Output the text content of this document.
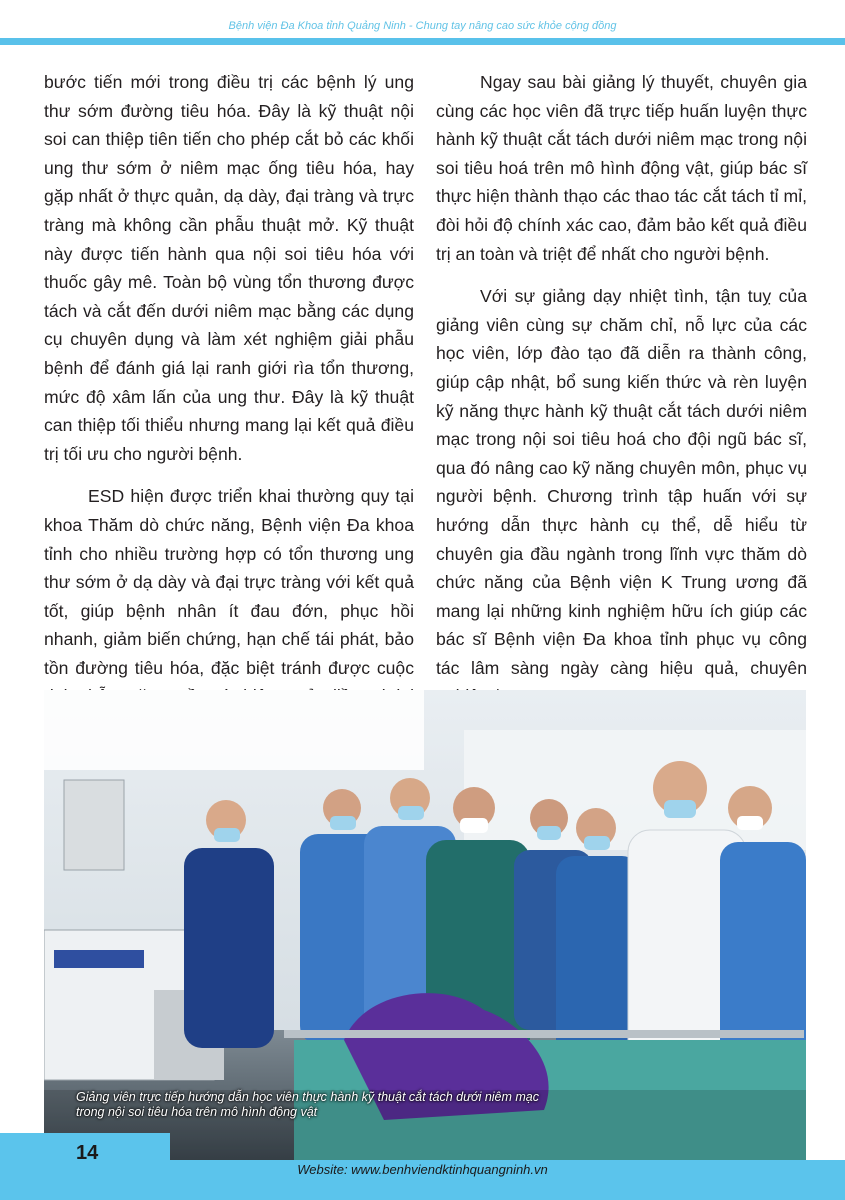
Bệnh viện Đa Khoa tỉnh Quảng Ninh - Chung tay nâng cao sức khỏe cộng đồng

bước tiến mới trong điều trị các bệnh lý ung thư sớm đường tiêu hóa. Đây là kỹ thuật nội soi can thiệp tiên tiến cho phép cắt bỏ các khối ung thư sớm ở niêm mạc ống tiêu hóa, hay gặp nhất ở thực quản, dạ dày, đại tràng và trực tràng mà không cần phẫu thuật mở. Kỹ thuật này được tiến hành qua nội soi tiêu hóa với thuốc gây mê. Toàn bộ vùng tổn thương được tách và cắt đến dưới niêm mạc bằng các dụng cụ chuyên dụng và làm xét nghiệm giải phẫu bệnh để đánh giá lại ranh giới rìa tổn thương, mức độ xâm lấn của ung thư. Đây là kỹ thuật can thiệp tối thiểu nhưng mang lại kết quả điều trị tối ưu cho người bệnh.

ESD hiện được triển khai thường quy tại khoa Thăm dò chức năng, Bệnh viện Đa khoa tỉnh cho nhiều trường hợp có tổn thương ung thư sớm ở dạ dày và đại trực tràng với kết quả tốt, giúp bệnh nhân ít đau đớn, phục hồi nhanh, giảm biến chứng, hạn chế tái phát, bảo tồn đường tiêu hóa, đặc biệt tránh được cuộc

Ngay sau bài giảng lý thuyết, chuyên gia cùng các học viên đã trực tiếp huấn luyện thực hành kỹ thuật cắt tách dưới niêm mạc trong nội soi tiêu hoá trên mô hình động vật, giúp bác sĩ thực hiện thành thạo các thao tác cắt tách tỉ mỉ, đòi hỏi độ chính xác cao, đảm bảo kết quả điều trị an toàn và triệt để nhất cho người bệnh.

Với sự giảng dạy nhiệt tình, tận tuỵ của giảng viên cùng sự chăm chỉ, nỗ lực của các học viên, lớp đào tạo đã diễn ra thành công, giúp cập nhật, bổ sung kiến thức và rèn luyện kỹ năng thực hành kỹ thuật cắt tách dưới niêm mạc trong nội soi tiêu hoá cho đội ngũ bác sĩ, qua đó nâng cao kỹ năng chuyên môn, phục vụ người bệnh. Chương trình tập huấn với sự hướng dẫn thực hành cụ thể, dễ hiểu từ chuyên gia đầu ngành trong lĩnh vực thăm dò chức năng của Bệnh viện K Trung ương đã mang lại những kinh nghiệm hữu ích giúp các bác sĩ Bệnh viện Đa khoa tỉnh phục vụ công tác lâm sàng ngày càng hiệu quả, chuyên

Giảng viên trực tiếp hướng dẫn học viên thực hành kỹ thuật cắt tách dưới niêm mạc trong nội soi tiêu hóa trên mô hình động vật
14
Website: www.benhviendktinhquangninh.vn
